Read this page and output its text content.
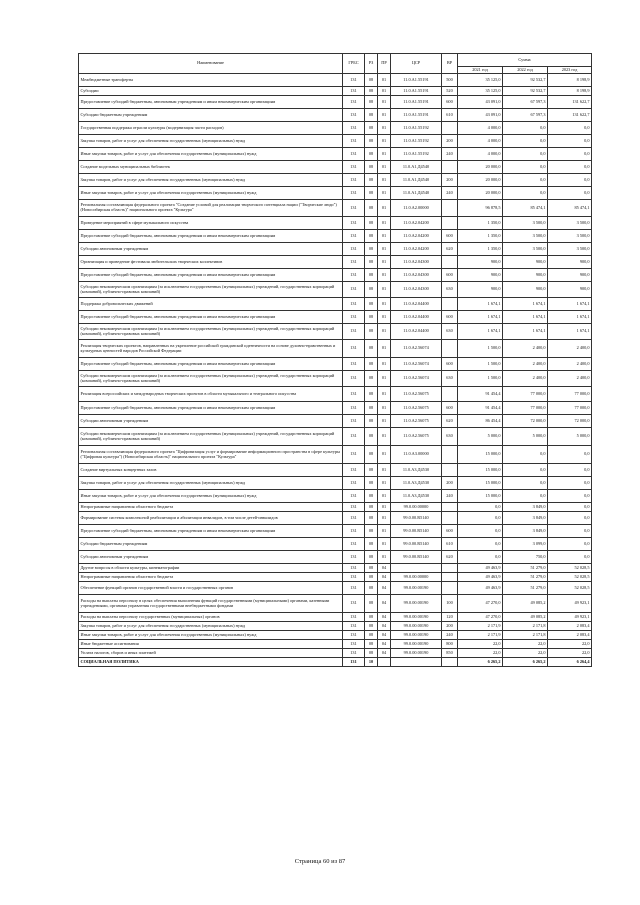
Наименование	ГРБС	РЗ	ПР	ЦСР	ВР	Сумма		
						2021 год	2022 год	2023 год
Межбюджетные трансферты	131	08	01	11.0.А1.55191	500	35 125,0	92 532,7	8 198,9
Субсидии	131	08	01	11.0.А1.55191	520	35 125,0	92 532,7	8 198,9
Предоставление субсидий бюджетным, автономным учреждениям и иным некоммерческим организациям	131	08	01	11.0.А1.55191	600	43 091,0	67 597,3	131 622,7
Субсидии бюджетным учреждениям	131	08	01	11.0.А1.55191	610	43 091,0	67 597,3	131 622,7
Государственная поддержка отрасли культуры (модернизация части расходов)	131	08	01	11.0.А1.55192		4 000,0	0,0	0,0
Закупка товаров, работ и услуг для обеспечения государственных (муниципальных) нужд	131	08	01	11.0.А1.55192	200	4 000,0	0,0	0,0
Иные закупки товаров, работ и услуг для обеспечения государственных (муниципальных) нужд	131	08	01	11.0.А1.55192	240	4 000,0	0,0	0,0
Создание модельных муниципальных библиотек	131	08	01	11.0.А1.Д4540		20 000,0	0,0	0,0
Закупка товаров, работ и услуг для обеспечения государственных (муниципальных) нужд	131	08	01	11.0.А1.Д4540	200	20 000,0	0,0	0,0
Иные закупки товаров, работ и услуг для обеспечения государственных (муниципальных) нужд	131	08	01	11.0.А1.Д4540	240	20 000,0	0,0	0,0
Региональная составляющая федерального проекта "Создание условий для реализации творческого потенциала нации ("Творческие люди") (Новосибирская область)" национального проекта "Культура"	131	08	01	11.0.А2.00000		96 878,5	85 474,1	85 474,1
Проведение мероприятий в сфере музыкального искусства	131	08	01	11.0.А2.04200		1 350,0	3 500,0	3 500,0
Предоставление субсидий бюджетным, автономным учреждениям и иным некоммерческим организациям	131	08	01	11.0.А2.04200	600	1 350,0	3 500,0	3 500,0
Субсидии автономным учреждениям	131	08	01	11.0.А2.04200	620	1 350,0	3 500,0	3 500,0
Организация и проведение фестиваля любительских творческих коллективов	131	08	01	11.0.А2.04300		900,0	900,0	900,0
Предоставление субсидий бюджетным, автономным учреждениям и иным некоммерческим организациям	131	08	01	11.0.А2.04300	600	900,0	900,0	900,0
Субсидии некоммерческим организациям (за исключением государственных (муниципальных) учреждений, государственных корпораций (компаний), публично-правовых компаний)	131	08	01	11.0.А2.04300	630	900,0	900,0	900,0
Поддержка добровольческих движений	131	08	01	11.0.А2.04400		1 674,1	1 674,1	1 674,1
Предоставление субсидий бюджетным, автономным учреждениям и иным некоммерческим организациям	131	08	01	11.0.А2.04400	600	1 674,1	1 674,1	1 674,1
Субсидии некоммерческим организациям (за исключением государственных (муниципальных) учреждений, государственных корпораций (компаний), публично-правовых компаний)	131	08	01	11.0.А2.04400	630	1 674,1	1 674,1	1 674,1
Реализация творческих проектов, направленных на укрепление российской гражданской идентичности на основе духовно-нравственных и культурных ценностей народов Российской Федерации	131	08	01	11.0.А2.56074		1 500,0	2 400,0	2 400,0
Предоставление субсидий бюджетным, автономным учреждениям и иным некоммерческим организациям	131	08	01	11.0.А2.56074	600	1 500,0	2 400,0	2 400,0
Субсидии некоммерческим организациям (за исключением государственных (муниципальных) учреждений, государственных корпораций (компаний), публично-правовых компаний)	131	08	01	11.0.А2.56074	630	1 500,0	2 400,0	2 400,0
Реализация всероссийских и международных творческих проектов в области музыкального и театрального искусства	131	08	01	11.0.А2.56075		91 454,4	77 000,0	77 000,0
Предоставление субсидий бюджетным, автономным учреждениям и иным некоммерческим организациям	131	08	01	11.0.А2.56075	600	91 454,4	77 000,0	77 000,0
Субсидии автономным учреждениям	131	08	01	11.0.А2.56075	620	86 454,4	72 000,0	72 000,0
Субсидии некоммерческим организациям (за исключением государственных (муниципальных) учреждений, государственных корпораций (компаний), публично-правовых компаний)	131	08	01	11.0.А2.56075	630	5 000,0	5 000,0	5 000,0
Региональная составляющая федерального проекта "Цифровизация услуг и формирование информационного пространства в сфере культуры ("Цифровая культура") (Новосибирская область)" национального проекта "Культура"	131	08	01	11.0.А3.00000		15 000,0	0,0	0,0
Создание виртуальных концертных залов	131	08	01	11.0.А3.Д4530		15 000,0	0,0	0,0
Закупка товаров, работ и услуг для обеспечения государственных (муниципальных) нужд	131	08	01	11.0.А3.Д4530	200	15 000,0	0,0	0,0
Иные закупки товаров, работ и услуг для обеспечения государственных (муниципальных) нужд	131	08	01	11.0.А3.Д4530	240	15 000,0	0,0	0,0
Непрограммные направления областного бюджета	131	08	01	99.0.00.00000		0,0	3 849,0	0,0
Формирование системы комплексной реабилитации и абилитации инвалидов, в том числе детей-инвалидов	131	08	01	99.0.00.R5140		0,0	3 849,0	0,0
Предоставление субсидий бюджетным, автономным учреждениям и иным некоммерческим организациям	131	08	01	99.0.00.R5140	600	0,0	3 849,0	0,0
Субсидии бюджетным учреждениям	131	08	01	99.0.00.R5140	610	0,0	3 099,0	0,0
Субсидии автономным учреждениям	131	08	01	99.0.00.R5140	620	0,0	750,0	0,0
Другие вопросы в области культуры, кинематографии	131	08	04			49 463,9	51 279,0	52 028,5
Непрограммные направления областного бюджета	131	08	04	99.0.00.00000		49 463,9	51 279,0	52 028,5
Обеспечение функций органов государственной власти и государственных органов	131	08	04	99.0.00.00190		49 463,9	51 279,0	52 028,5
Расходы на выплаты персоналу в целях обеспечения выполнения функций государственными (муниципальными) органами, казенными учреждениями, органами управления государственными внебюджетными фондами	131	08	04	99.0.00.00190	100	47 270,0	49 085,2	49 923,1
Расходы на выплаты персоналу государственных (муниципальных) органов	131	08	04	99.0.00.00190	120	47 270,0	49 085,2	49 923,1
Закупка товаров, работ и услуг для обеспечения государственных (муниципальных) нужд	131	08	04	99.0.00.00190	200	2 171,9	2 171,8	2 083,4
Иные закупки товаров, работ и услуг для обеспечения государственных (муниципальных) нужд	131	08	04	99.0.00.00190	240	2 171,9	2 171,8	2 083,4
Иные бюджетные ассигнования	131	08	04	99.0.00.00190	800	22,0	22,0	22,0
Уплата налогов, сборов и иных платежей	131	08	04	99.0.00.00190	850	22,0	22,0	22,0
СОЦИАЛЬНАЯ ПОЛИТИКА	131	10				6 265,2	6 265,2	6 264,4
Страница 60 из 87
